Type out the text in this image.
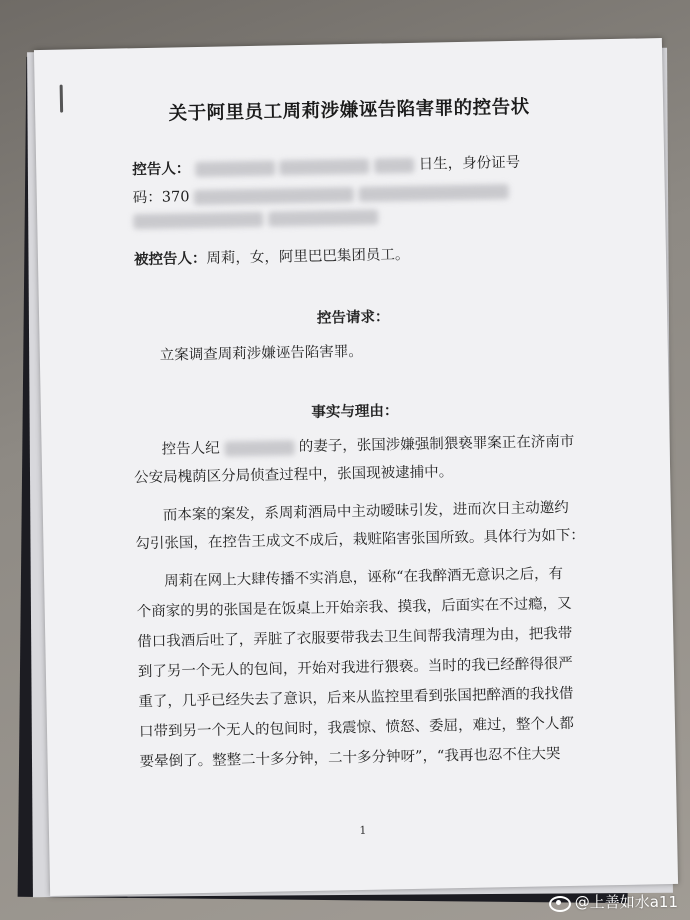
关于阿里员工周莉涉嫌诬告陷害罪的控告状
控告人：	日生，身份证号
码：370

被控告人：周莉，女，阿里巴巴集团员工。
控告请求：
立案调查周莉涉嫌诬告陷害罪。
事实与理由：
控告人纪	的妻子，张国涉嫌强制猥亵罪案正在济南市
公安局槐荫区分局侦查过程中，张国现被逮捕中。
而本案的案发，系周莉酒局中主动暧昧引发，进而次日主动邀约
勾引张国，在控告王成文不成后，栽赃陷害张国所致。具体行为如下：
周莉在网上大肆传播不实消息，诬称“在我醉酒无意识之后，有
个商家的男的张国是在饭桌上开始亲我、摸我，后面实在不过瘾，又
借口我酒后吐了，弄脏了衣服要带我去卫生间帮我清理为由，把我带
到了另一个无人的包间，开始对我进行猥亵。当时的我已经醉得很严
重了，几乎已经失去了意识，后来从监控里看到张国把醉酒的我找借
口带到另一个无人的包间时，我震惊、愤怒、委屈，难过，整个人都
要晕倒了。整整二十多分钟，二十多分钟呀”，“我再也忍不住大哭
1
@上善如水a11
